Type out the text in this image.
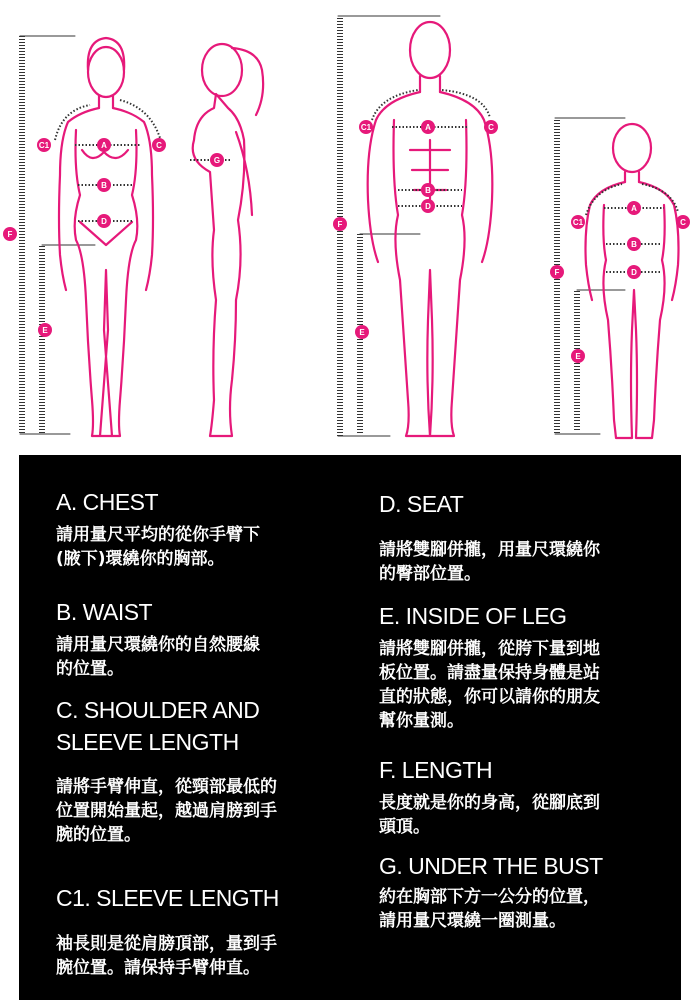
A
B
C
C1
D
E
F
G
A
B
C
C1
D
E
F
A
B
C
C1
D
E
F
A. CHEST
請用量尺平均的從你手臂下
(腋下)環繞你的胸部。
B. WAIST
請用量尺環繞你的自然腰線
的位置。
C. SHOULDER AND
SLEEVE LENGTH
請將手臂伸直，從頸部最低的
位置開始量起，越過肩膀到手
腕的位置。
C1. SLEEVE LENGTH
袖長則是從肩膀頂部，量到手
腕位置。請保持手臂伸直。
D. SEAT
請將雙腳併攏，用量尺環繞你
的臀部位置。
E. INSIDE OF LEG
請將雙腳併攏，從胯下量到地
板位置。請盡量保持身體是站
直的狀態，你可以請你的朋友
幫你量測。
F. LENGTH
長度就是你的身高，從腳底到
頭頂。
G. UNDER THE BUST
約在胸部下方一公分的位置，
請用量尺環繞一圈測量。
